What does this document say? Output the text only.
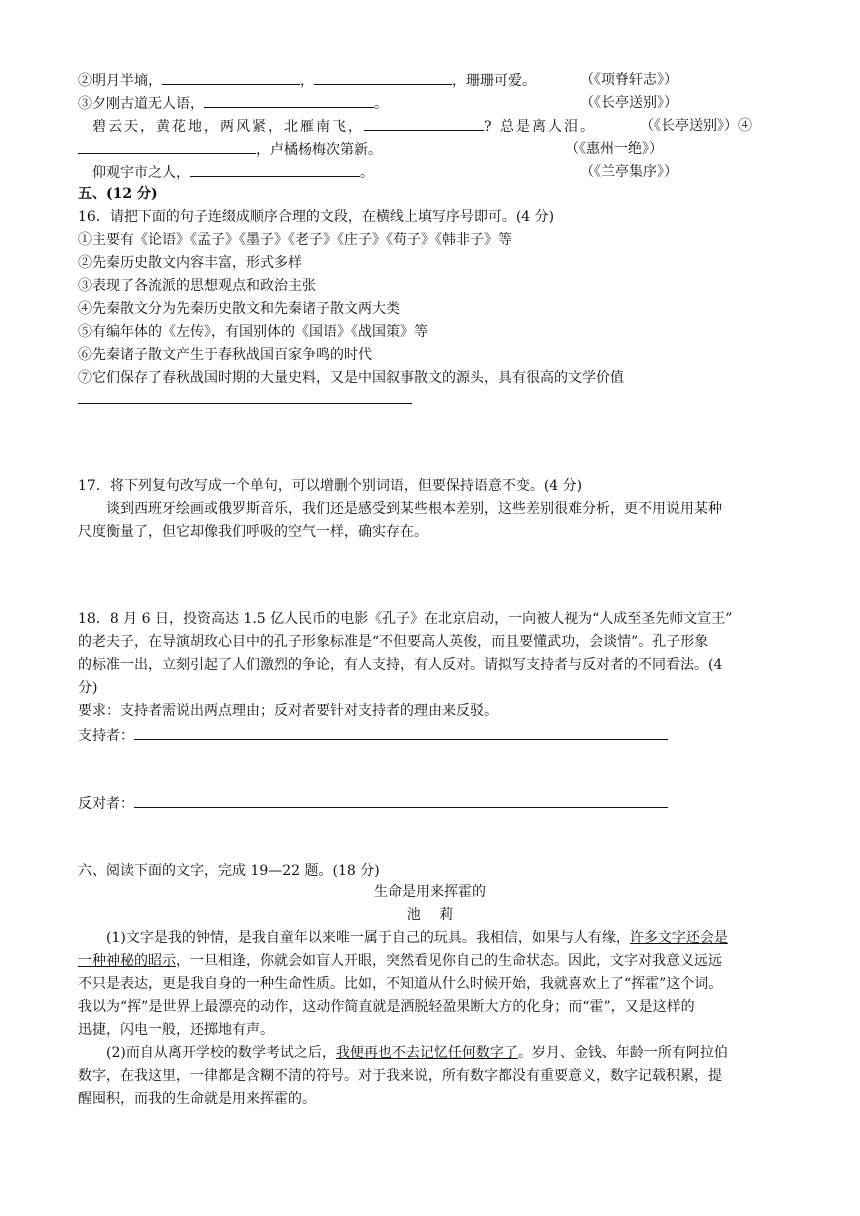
②明月半墒，	，	，珊珊可爱。	（《项脊轩志》）
③夕刚古道无人语，	。	（《长亭送别》）
碧云天，黄花地，两风紧，北雁南飞，	? 总是离人泪。	（《长亭送别》）④
，卢橘杨梅次第新。	（《惠州一绝》）
仰观宇市之人，	。	（《兰亭集序》）
五、(12 分)
16．请把下面的句子连缀成顺序合理的文段，在横线上填写序号即可。(4 分)
①主要有《论语》《孟子》《墨子》《老子》《庄子》《苟子》《韩非子》等
②先秦历史散文内容丰富，形式多样
③表现了各流派的思想观点和政治主张
④先秦散文分为先秦历史散文和先秦诸子散文两大类
⑤有编年体的《左传》，有国别体的《国语》《战国策》等
⑥先秦诸子散文产生于春秋战国百家争鸣的时代
⑦它们保存了春秋战国时期的大量史料，又是中国叙事散文的源头，具有很高的文学价值
17．将下列复句改写成一个单句，可以增删个别词语，但要保持语意不变。(4 分)
谈到西班牙绘画或俄罗斯音乐，我们还是感受到某些根本差别，这些差别很难分析，更不用说用某种
尺度衡量了，但它却像我们呼吸的空气一样，确实存在。
18．8 月 6 日，投资高达 1.5 亿人民币的电影《孔子》在北京启动，一向被人视为“人成至圣先师文宣王”
的老夫子，在导演胡玫心目中的孔子形象标准是“不但要高人英俊，而且要懂武功，会谈情”。孔子形象
的标准一出，立刻引起了人们激烈的争论，有人支持，有人反对。请拟写支持者与反对者的不同看法。(4
分)
要求：支持者需说出两点理由；反对者要针对支持者的理由来反驳。
支持者：
反对者：
六、阅读下面的文字，完成 19—22 题。(18 分)
生命是用来挥霍的
池　 莉
(1)文字是我的钟情，是我自童年以来唯一属于自己的玩具。我相信，如果与人有缘，许多文字还会是
一种神秘的昭示，一旦相逢，你就会如盲人开眼，突然看见你自己的生命状态。因此，文字对我意义远远
不只是表达，更是我自身的一种生命性质。比如，不知道从什么时候开始，我就喜欢上了“挥霍”这个词。
我以为“挥”是世界上最漂亮的动作，这动作简直就是洒脱轻盈果断大方的化身；而“霍”，又是这样的
迅捷，闪电一般，还掷地有声。
(2)而自从离开学校的数学考试之后，我便再也不去记忆任何数字了。岁月、金钱、年龄一所有阿拉伯
数字，在我这里，一律都是含糊不清的符号。对于我来说，所有数字都没有重要意义，数字记载积累，提
醒囤积，而我的生命就是用来挥霍的。
